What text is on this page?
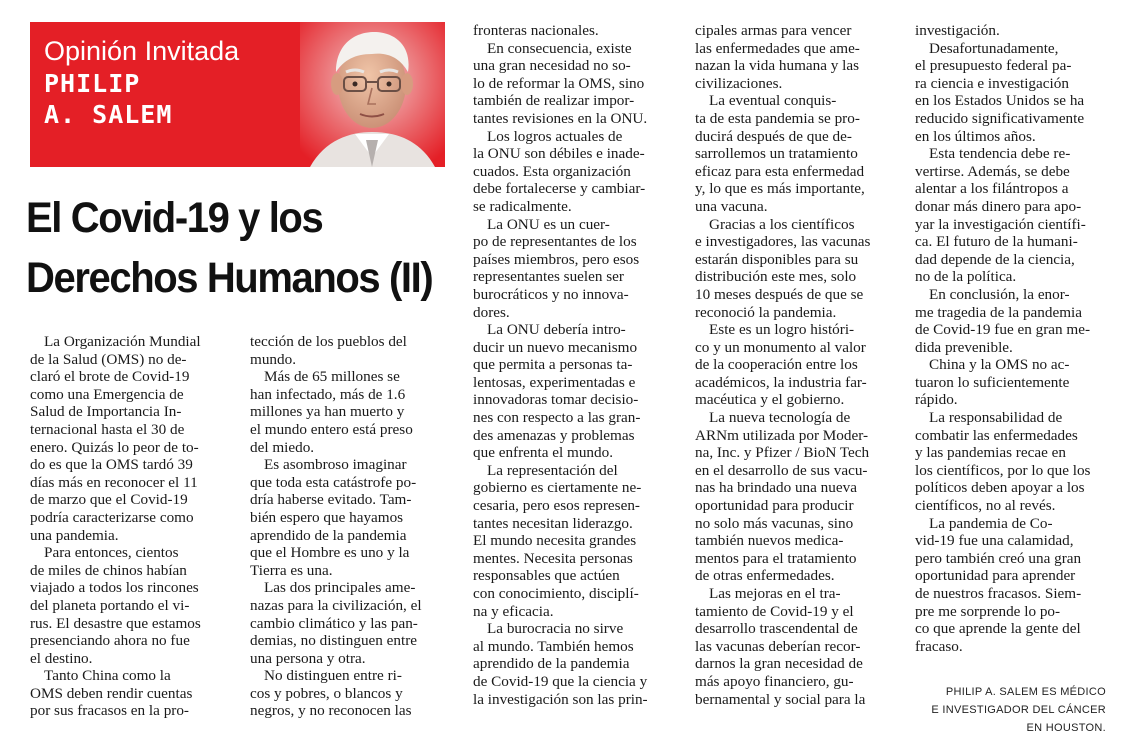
Opinión Invitada
PHILIP
A. SALEM
El Covid-19 y los
Derechos Humanos (II)
La Organización Mundial
de la Salud (OMS) no de-
claró el brote de Covid-19
como una Emergencia de
Salud de Importancia In-
ternacional hasta el 30 de
enero. Quizás lo peor de to-
do es que la OMS tardó 39
días más en reconocer el 11
de marzo que el Covid-19
podría caracterizarse como
una pandemia.
Para entonces, cientos
de miles de chinos habían
viajado a todos los rincones
del planeta portando el vi-
rus. El desastre que estamos
presenciando ahora no fue
el destino.
Tanto China como la
OMS deben rendir cuentas
por sus fracasos en la pro-
tección de los pueblos del
mundo.
Más de 65 millones se
han infectado, más de 1.6
millones ya han muerto y
el mundo entero está preso
del miedo.
Es asombroso imaginar
que toda esta catástrofe po-
dría haberse evitado. Tam-
bién espero que hayamos
aprendido de la pandemia
que el Hombre es uno y la
Tierra es una.
Las dos principales ame-
nazas para la civilización, el
cambio climático y las pan-
demias, no distinguen entre
una persona y otra.
No distinguen entre ri-
cos y pobres, o blancos y
negros, y no reconocen las
fronteras nacionales.
En consecuencia, existe
una gran necesidad no so-
lo de reformar la OMS, sino
también de realizar impor-
tantes revisiones en la ONU.
Los logros actuales de
la ONU son débiles e inade-
cuados. Esta organización
debe fortalecerse y cambiar-
se radicalmente.
La ONU es un cuer-
po de representantes de los
países miembros, pero esos
representantes suelen ser
burocráticos y no innova-
dores.
La ONU debería intro-
ducir un nuevo mecanismo
que permita a personas ta-
lentosas, experimentadas e
innovadoras tomar decisio-
nes con respecto a las gran-
des amenazas y problemas
que enfrenta el mundo.
La representación del
gobierno es ciertamente ne-
cesaria, pero esos represen-
tantes necesitan liderazgo.
El mundo necesita grandes
mentes. Necesita personas
responsables que actúen
con conocimiento, disciplí-
na y eficacia.
La burocracia no sirve
al mundo. También hemos
aprendido de la pandemia
de Covid-19 que la ciencia y
la investigación son las prin-
cipales armas para vencer
las enfermedades que ame-
nazan la vida humana y las
civilizaciones.
La eventual conquis-
ta de esta pandemia se pro-
ducirá después de que de-
sarrollemos un tratamiento
eficaz para esta enfermedad
y, lo que es más importante,
una vacuna.
Gracias a los científicos
e investigadores, las vacunas
estarán disponibles para su
distribución este mes, solo
10 meses después de que se
reconoció la pandemia.
Este es un logro históri-
co y un monumento al valor
de la cooperación entre los
académicos, la industria far-
macéutica y el gobierno.
La nueva tecnología de
ARNm utilizada por Moder-
na, Inc. y Pfizer / BioN Tech
en el desarrollo de sus vacu-
nas ha brindado una nueva
oportunidad para producir
no solo más vacunas, sino
también nuevos medica-
mentos para el tratamiento
de otras enfermedades.
Las mejoras en el tra-
tamiento de Covid-19 y el
desarrollo trascendental de
las vacunas deberían recor-
darnos la gran necesidad de
más apoyo financiero, gu-
bernamental y social para la
investigación.
Desafortunadamente,
el presupuesto federal pa-
ra ciencia e investigación
en los Estados Unidos se ha
reducido significativamente
en los últimos años.
Esta tendencia debe re-
vertirse. Además, se debe
alentar a los filántropos a
donar más dinero para apo-
yar la investigación científi-
ca. El futuro de la humani-
dad depende de la ciencia,
no de la política.
En conclusión, la enor-
me tragedia de la pandemia
de Covid-19 fue en gran me-
dida prevenible.
China y la OMS no ac-
tuaron lo suficientemente
rápido.
La responsabilidad de
combatir las enfermedades
y las pandemias recae en
los científicos, por lo que los
políticos deben apoyar a los
científicos, no al revés.
La pandemia de Co-
vid-19 fue una calamidad,
pero también creó una gran
oportunidad para aprender
de nuestros fracasos. Siem-
pre me sorprende lo po-
co que aprende la gente del
fracaso.
PHILIP A. SALEM ES MÉDICO
E INVESTIGADOR DEL CÁNCER
EN HOUSTON.
